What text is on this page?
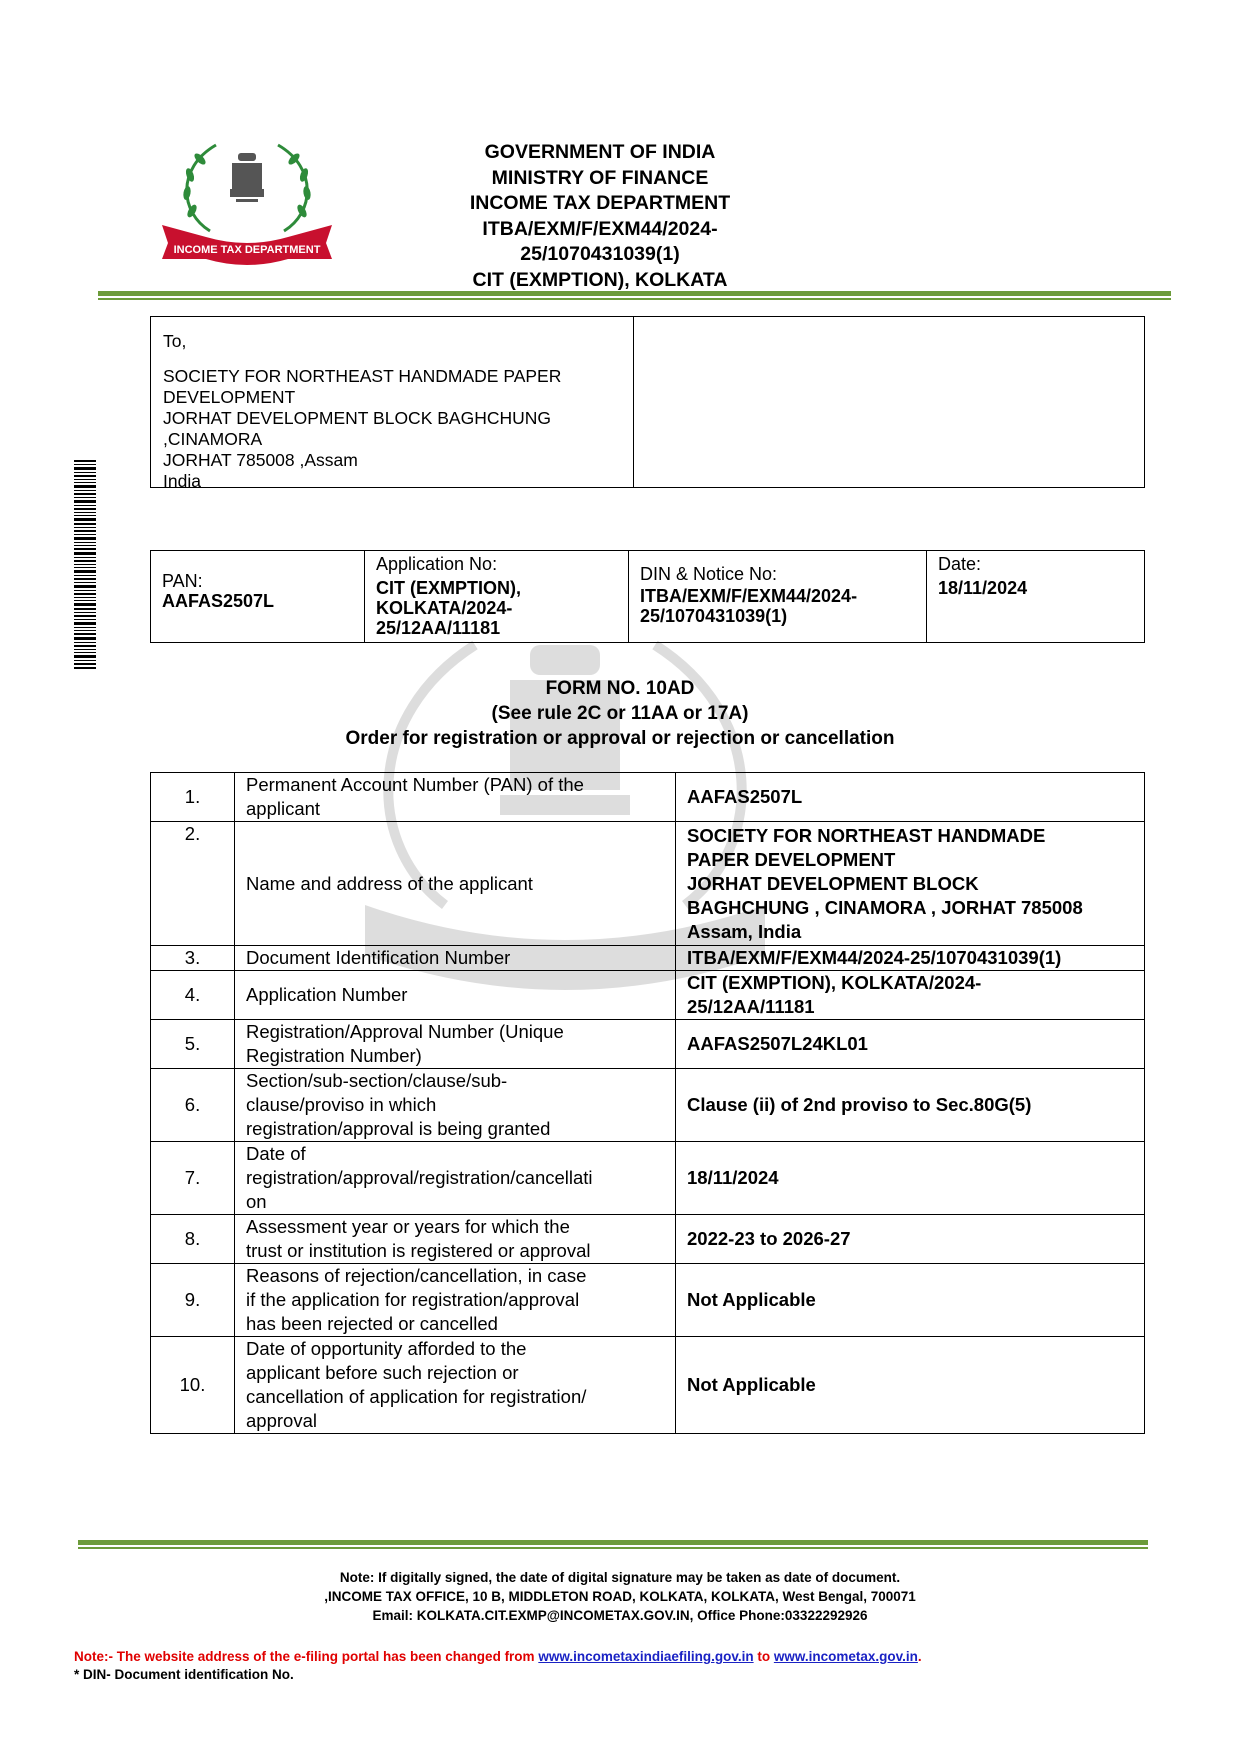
INCOME TAX DEPARTMENT
GOVERNMENT OF INDIA
MINISTRY OF FINANCE
INCOME TAX DEPARTMENT
ITBA/EXM/F/EXM44/2024-
25/1070431039(1)
CIT (EXMPTION), KOLKATA
To,
SOCIETY FOR NORTHEAST HANDMADE PAPER
DEVELOPMENT
JORHAT DEVELOPMENT BLOCK BAGHCHUNG
,CINAMORA
JORHAT 785008 ,Assam
India
PAN:
AAFAS2507L
Application No:
CIT (EXMPTION),
KOLKATA/2024-
25/12AA/11181
DIN & Notice No:
ITBA/EXM/F/EXM44/2024-
25/1070431039(1)
Date:
18/11/2024
FORM NO. 10AD
(See rule 2C or 11AA or 17A)
Order for registration or approval or rejection or cancellation
1.	Permanent Account Number (PAN) of the
applicant	AAFAS2507L

2.	Name and address of the applicant	SOCIETY FOR NORTHEAST HANDMADE
PAPER DEVELOPMENT
JORHAT DEVELOPMENT BLOCK
BAGHCHUNG , CINAMORA , JORHAT 785008
Assam, India

3.	Document Identification Number	ITBA/EXM/F/EXM44/2024-25/1070431039(1)

4.	Application Number	CIT (EXMPTION), KOLKATA/2024-
25/12AA/11181

5.	Registration/Approval Number (Unique
Registration Number)	AAFAS2507L24KL01

6.	Section/sub-section/clause/sub-
clause/proviso in which
registration/approval is being granted	Clause (ii) of 2nd proviso to Sec.80G(5)

7.	Date of
registration/approval/registration/cancellati
on	18/11/2024

8.	Assessment year or years for which the
trust or institution is registered or approval	2022-23 to 2026-27

9.	Reasons of rejection/cancellation, in case
if the application for registration/approval
has been rejected or cancelled	Not Applicable

10.	Date of opportunity afforded to the
applicant before such rejection or
cancellation of application for registration/
approval	Not Applicable
Note: If digitally signed, the date of digital signature may be taken as date of document.
,INCOME TAX OFFICE, 10 B, MIDDLETON ROAD, KOLKATA, KOLKATA, West Bengal, 700071
Email: KOLKATA.CIT.EXMP@INCOMETAX.GOV.IN, Office Phone:03322292926
Note:- The website address of the e-filing portal has been changed from www.incometaxindiaefiling.gov.in to www.incometax.gov.in.
* DIN- Document identification No.
